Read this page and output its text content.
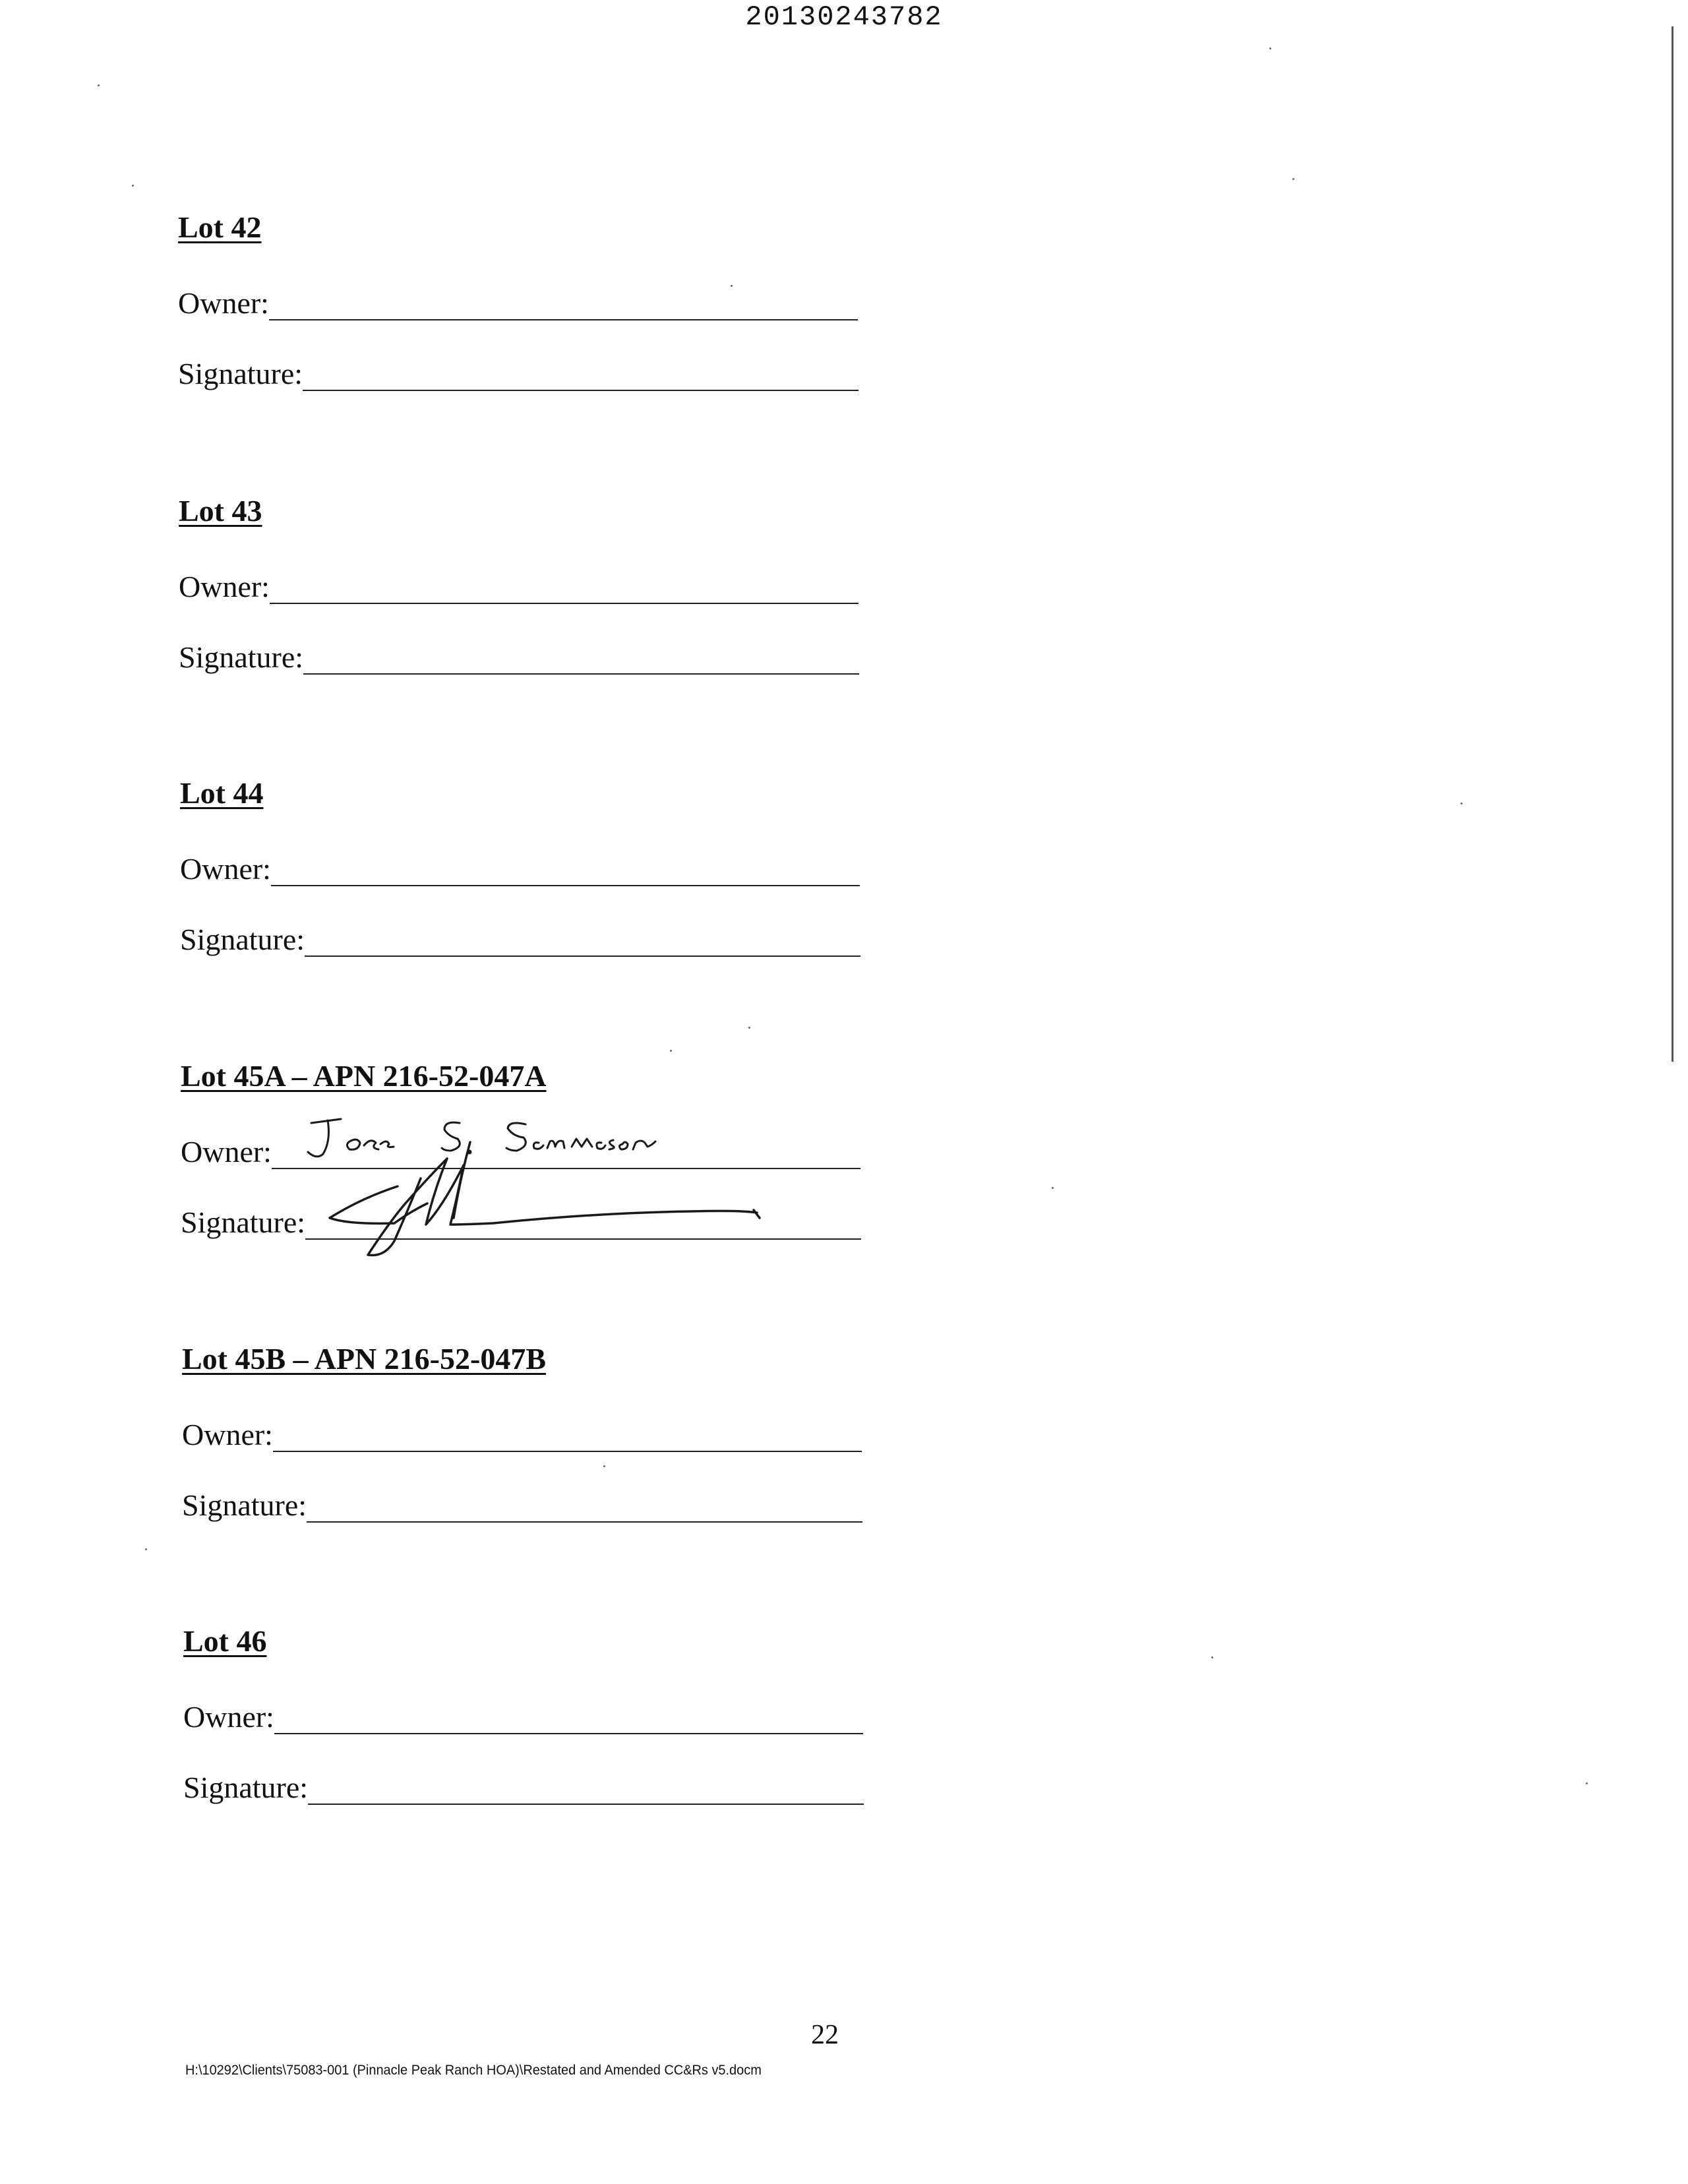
20130243782
Lot 42
Owner:
Signature:
Lot 43
Owner:
Signature:
Lot 44
Owner:
Signature:
Lot 45A – APN 216-52-047A
Owner:
Signature:
Lot 45B – APN 216-52-047B
Owner:
Signature:
Lot 46
Owner:
Signature:
22
H:\10292\Clients\75083-001 (Pinnacle Peak Ranch HOA)\Restated and Amended CC&Rs v5.docm
